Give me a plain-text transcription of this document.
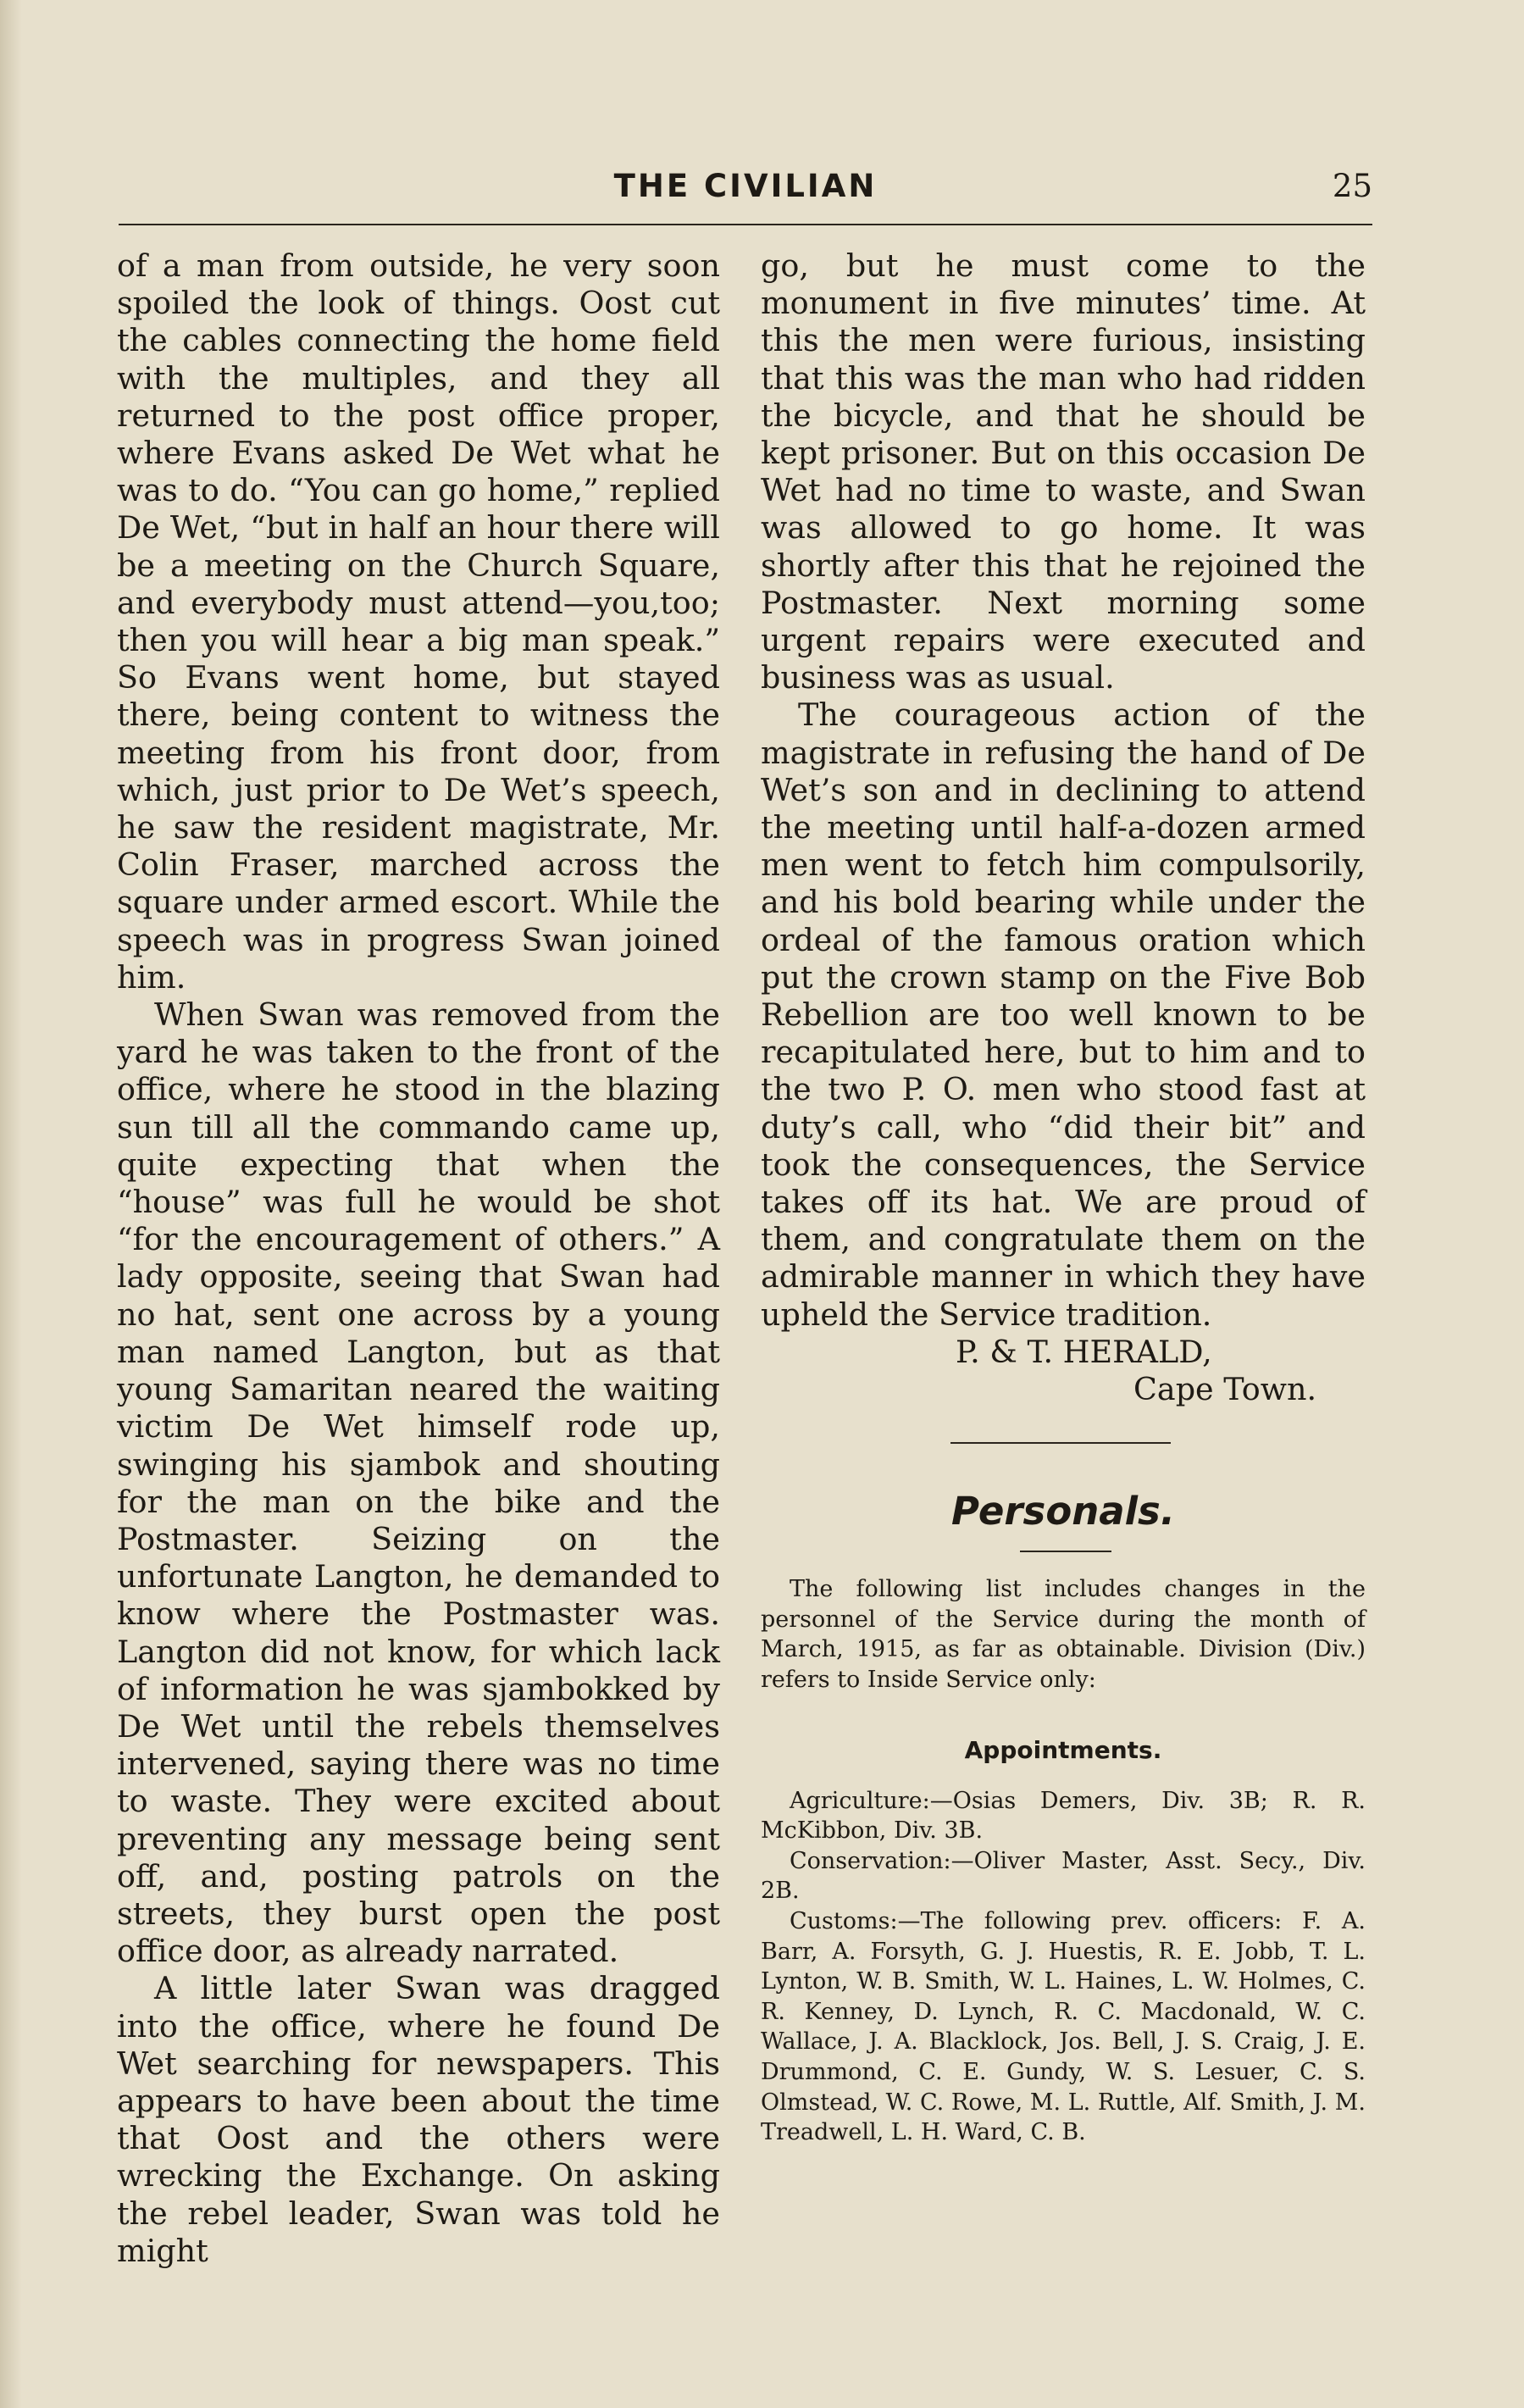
THE CIVILIAN	25

of a man from outside, he very soon spoiled the look of things. Oost cut the cables connecting the home field with the multiples, and they all returned to the post office proper, where Evans asked De Wet what he was to do. “You can go home,” replied De Wet, “but in half an hour there will be a meeting on the Church Square, and everybody must attend—you,too; then you will hear a big man speak.” So Evans went home, but stayed there, being content to witness the meeting from his front door, from which, just prior to De Wet’s speech, he saw the resident magistrate, Mr. Colin Fraser, marched across the square under armed escort. While the speech was in progress Swan joined him.

When Swan was removed from the yard he was taken to the front of the office, where he stood in the blazing sun till all the commando came up, quite expecting that when the “house” was full he would be shot “for the encouragement of others.” A lady opposite, seeing that Swan had no hat, sent one across by a young man named Langton, but as that young Samaritan neared the waiting victim De Wet himself rode up, swinging his sjambok and shouting for the man on the bike and the Postmaster. Seizing on the unfortunate Langton, he demanded to know where the Postmaster was. Langton did not know, for which lack of information he was sjambokked by De Wet until the rebels themselves intervened, saying there was no time to waste. They were excited about preventing any message being sent off, and, posting patrols on the streets, they burst open the post office door, as already narrated.

A little later Swan was dragged into the office, where he found De Wet searching for newspapers. This appears to have been about the time that Oost and the others were wrecking the Exchange. On asking the rebel leader, Swan was told he might

go, but he must come to the monument in five minutes’ time. At this the men were furious, insisting that this was the man who had ridden the bicycle, and that he should be kept prisoner. But on this occasion De Wet had no time to waste, and Swan was allowed to go home. It was shortly after this that he rejoined the Postmaster. Next morning some urgent repairs were executed and business was as usual.

The courageous action of the magistrate in refusing the hand of De Wet’s son and in declining to attend the meeting until half-a-dozen armed men went to fetch him compulsorily, and his bold bearing while under the ordeal of the famous oration which put the crown stamp on the Five Bob Rebellion are too well known to be recapitulated here, but to him and to the two P. O. men who stood fast at duty’s call, who “did their bit” and took the consequences, the Service takes off its hat. We are proud of them, and congratulate them on the admirable manner in which they have upheld the Service tradition.

P. & T. HERALD,

Cape Town.

Personals.

The following list includes changes in the personnel of the Service during the month of March, 1915, as far as obtainable. Division (Div.) refers to Inside Service only:

Appointments.

Agriculture:—Osias Demers, Div. 3B; R. R. McKibbon, Div. 3B.

Conservation:—Oliver Master, Asst. Secy., Div. 2B.

Customs:—The following prev. officers: F. A. Barr, A. Forsyth, G. J. Huestis, R. E. Jobb, T. L. Lynton, W. B. Smith, W. L. Haines, L. W. Holmes, C. R. Kenney, D. Lynch, R. C. Macdonald, W. C. Wallace, J. A. Blacklock, Jos. Bell, J. S. Craig, J. E. Drummond, C. E. Gundy, W. S. Lesuer, C. S. Olmstead, W. C. Rowe, M. L. Ruttle, Alf. Smith, J. M. Treadwell, L. H. Ward, C. B.
